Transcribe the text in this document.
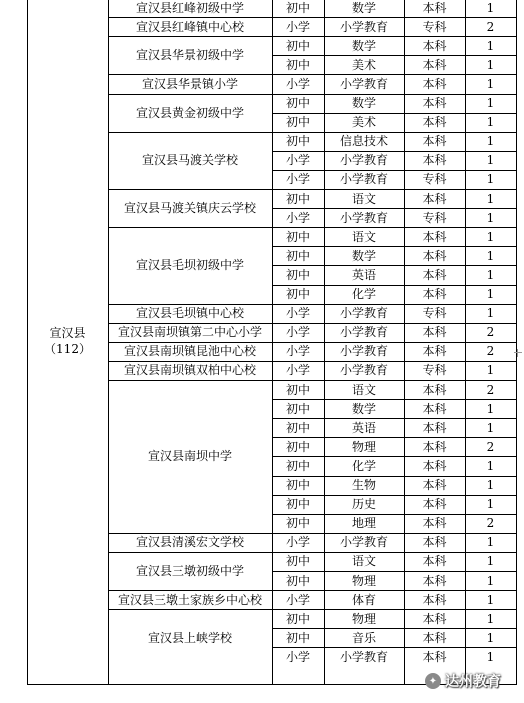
宣汉县
（112）
宣汉县红峰初级中学	初中	数学	本科	1
宣汉县红峰镇中心校	小学	小学教育	专科	2
宣汉县华景初级中学
初中	数学	本科	1
初中	美术	本科	1
宣汉县华景镇小学	小学	小学教育	本科	1
宣汉县黄金初级中学
初中	数学	本科	1
初中	美术	本科	1
宣汉县马渡关学校
初中	信息技术	本科	1
小学	小学教育	本科	1
小学	小学教育	专科	1
宣汉县马渡关镇庆云学校
初中	语文	本科	1
小学	小学教育	专科	1
宣汉县毛坝初级中学
初中	语文	本科	1
初中	数学	本科	1
初中	英语	本科	1
初中	化学	本科	1
宣汉县毛坝镇中心校	小学	小学教育	专科	1
宣汉县南坝镇第二中心小学	小学	小学教育	本科	2
宣汉县南坝镇昆池中心校	小学	小学教育	本科	2
宣汉县南坝镇双柏中心校	小学	小学教育	专科	1
宣汉县南坝中学
初中	语文	本科	2
初中	数学	本科	1
初中	英语	本科	1
初中	物理	本科	2
初中	化学	本科	1
初中	生物	本科	1
初中	历史	本科	1
初中	地理	本科	2
宣汉县清溪宏文学校	小学	小学教育	本科	1
宣汉县三墩初级中学
初中	语文	本科	1
初中	物理	本科	1
宣汉县三墩土家族乡中心校	小学	体育	本科	1
宣汉县上峡学校
初中	物理	本科	1
初中	音乐	本科	1
小学	小学教育	本科	1
✦ 达州教育
